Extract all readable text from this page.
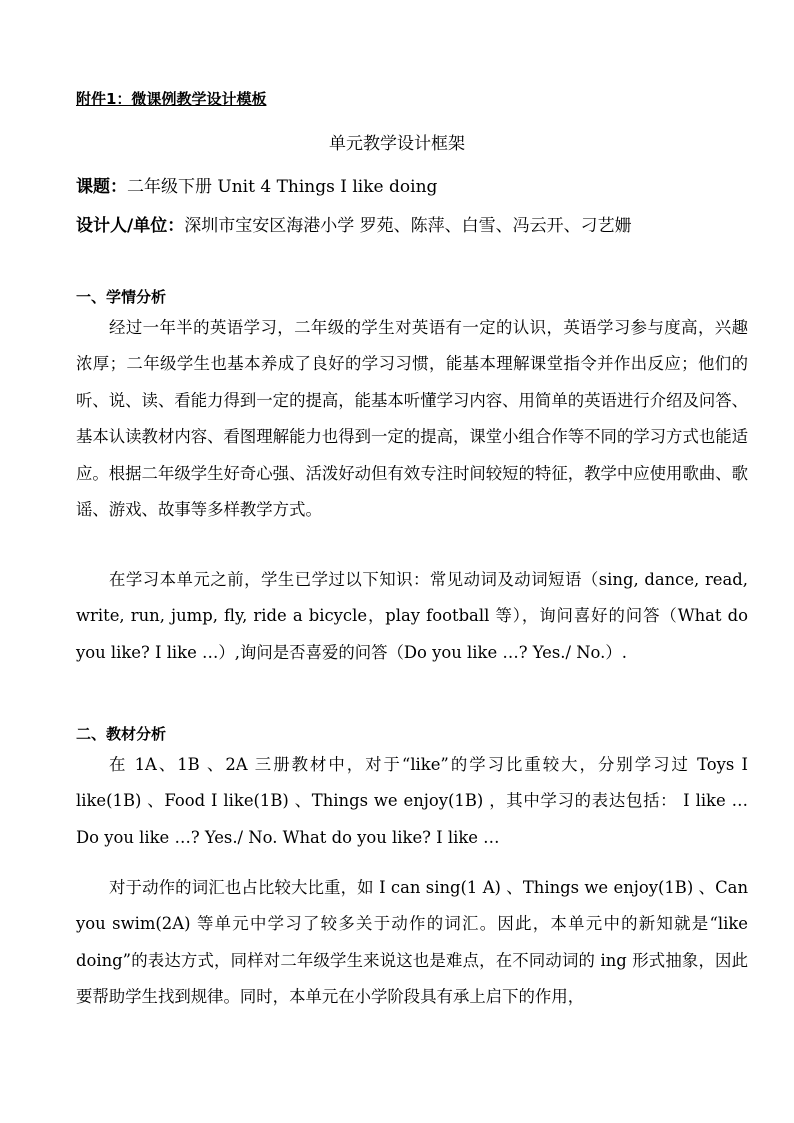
附件1：微课例教学设计模板
单元教学设计框架
课题：二年级下册 Unit 4 Things I like doing
设计人/单位：深圳市宝安区海港小学 罗苑、陈萍、白雪、冯云开、刁艺姗
一、学情分析

经过一年半的英语学习，二年级的学生对英语有一定的认识，英语学习参与度高，兴趣浓厚；二年级学生也基本养成了良好的学习习惯，能基本理解课堂指令并作出反应；他们的听、说、读、看能力得到一定的提高，能基本听懂学习内容、用简单的英语进行介绍及问答、基本认读教材内容、看图理解能力也得到一定的提高，课堂小组合作等不同的学习方式也能适应。根据二年级学生好奇心强、活泼好动但有效专注时间较短的特征，教学中应使用歌曲、歌谣、游戏、故事等多样教学方式。

在学习本单元之前，学生已学过以下知识：常见动词及动词短语（sing, dance, read, write, run, jump, fly, ride a bicycle，play football 等），询问喜好的问答（What do you like? I like …）,询问是否喜爱的问答（Do you like …? Yes./ No.）.

二、教材分析

在 1A、1B 、2A 三册教材中，对于“like”的学习比重较大，分别学习过 Toys I like(1B) 、Food I like(1B) 、Things we enjoy(1B) ，其中学习的表达包括： I like … Do you like …? Yes./ No. What do you like? I like …

对于动作的词汇也占比较大比重，如 I can sing(1 A) 、Things we enjoy(1B) 、Can you swim(2A) 等单元中学习了较多关于动作的词汇。因此，本单元中的新知就是“like doing”的表达方式，同样对二年级学生来说这也是难点，在不同动词的 ing 形式抽象，因此要帮助学生找到规律。同时，本单元在小学阶段具有承上启下的作用，
